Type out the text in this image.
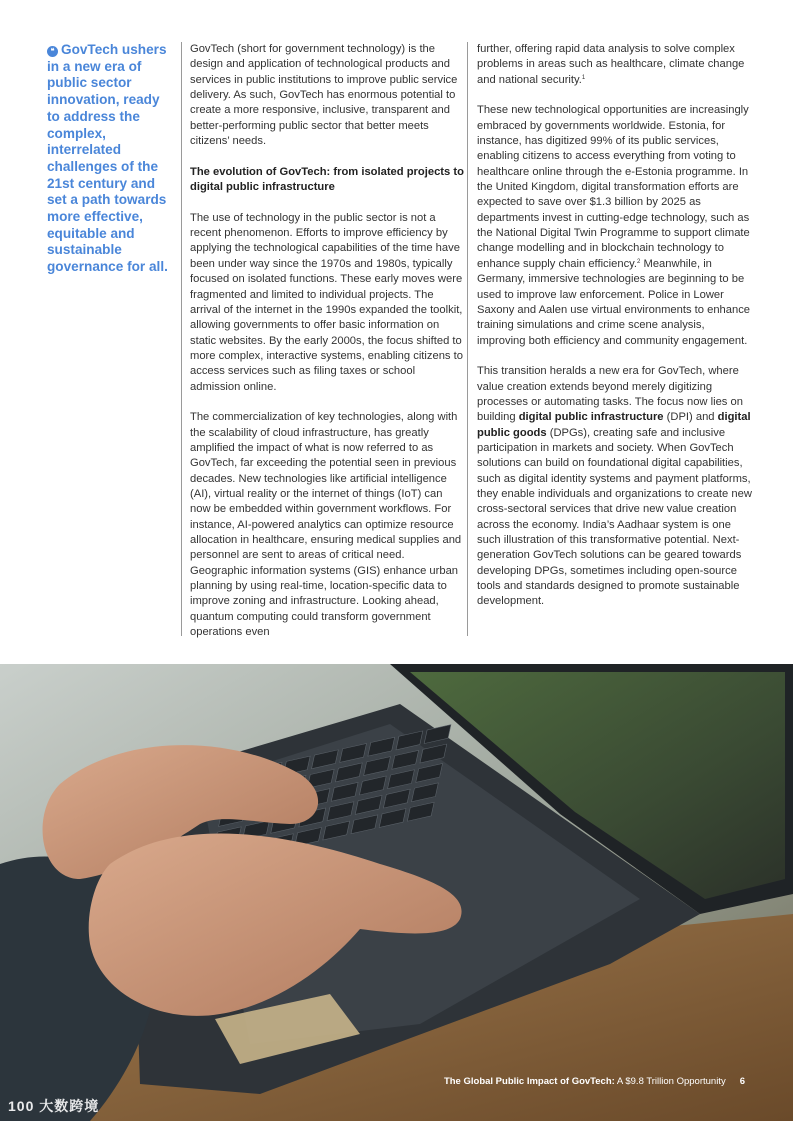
❝ GovTech ushers in a new era of public sector innovation, ready to address the complex, interrelated challenges of the 21st century and set a path towards more effective, equitable and sustainable governance for all.

GovTech (short for government technology) is the design and application of technological products and services in public institutions to improve public service delivery. As such, GovTech has enormous potential to create a more responsive, inclusive, transparent and better-performing public sector that better meets citizens’ needs.

The evolution of GovTech: from isolated projects to digital public infrastructure

The use of technology in the public sector is not a recent phenomenon. Efforts to improve efficiency by applying the technological capabilities of the time have been under way since the 1970s and 1980s, typically focused on isolated functions. These early moves were fragmented and limited to individual projects. The arrival of the internet in the 1990s expanded the toolkit, allowing governments to offer basic information on static websites. By the early 2000s, the focus shifted to more complex, interactive systems, enabling citizens to access services such as filing taxes or school admission online.

The commercialization of key technologies, along with the scalability of cloud infrastructure, has greatly amplified the impact of what is now referred to as GovTech, far exceeding the potential seen in previous decades. New technologies like artificial intelligence (AI), virtual reality or the internet of things (IoT) can now be embedded within government workflows. For instance, AI-powered analytics can optimize resource allocation in healthcare, ensuring medical supplies and personnel are sent to areas of critical need. Geographic information systems (GIS) enhance urban planning by using real-time, location-specific data to improve zoning and infrastructure. Looking ahead, quantum computing could transform government operations even

further, offering rapid data analysis to solve complex problems in areas such as healthcare, climate change and national security.$^1$

These new technological opportunities are increasingly embraced by governments worldwide. Estonia, for instance, has digitized 99% of its public services, enabling citizens to access everything from voting to healthcare online through the e-Estonia programme. In the United Kingdom, digital transformation efforts are expected to save over $1.3 billion by 2025 as departments invest in cutting-edge technology, such as the National Digital Twin Programme to support climate change modelling and in blockchain technology to enhance supply chain efficiency.$^2$ Meanwhile, in Germany, immersive technologies are beginning to be used to improve law enforcement. Police in Lower Saxony and Aalen use virtual environments to enhance training simulations and crime scene analysis, improving both efficiency and community engagement.

This transition heralds a new era for GovTech, where value creation extends beyond merely digitizing processes or automating tasks. The focus now lies on building digital public infrastructure (DPI) and digital public goods (DPGs), creating safe and inclusive participation in markets and society. When GovTech solutions can build on foundational digital capabilities, such as digital identity systems and payment platforms, they enable individuals and organizations to create new cross-sectoral services that drive new value creation across the economy. India’s Aadhaar system is one such illustration of this transformative potential. Next-generation GovTech solutions can be geared towards developing DPGs, sometimes including open-source tools and standards designed to promote sustainable development.

100 大数跨境
The Global Public Impact of GovTech: A $9.8 Trillion Opportunity 6
